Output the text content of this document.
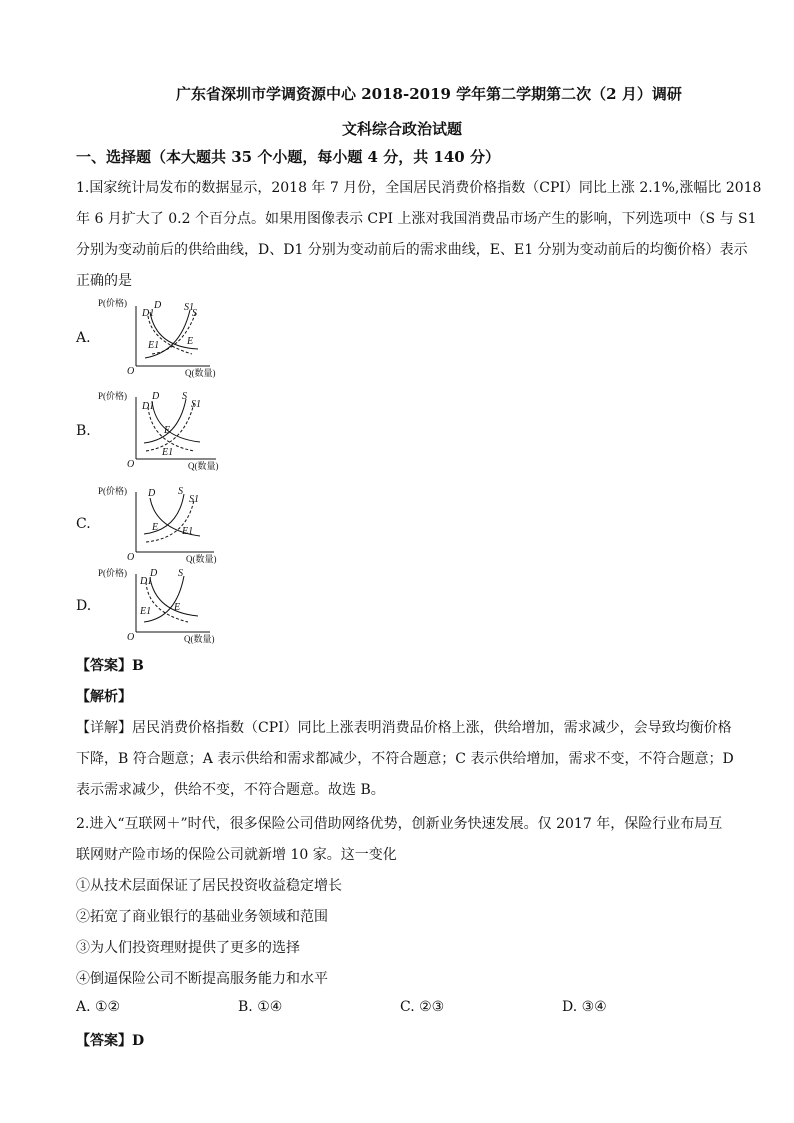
广东省深圳市学调资源中心 2018-2019 学年第二学期第二次（2 月）调研
文科综合政治试题
一、选择题（本大题共 35 个小题，每小题 4 分，共 140 分）
1.国家统计局发布的数据显示，2018 年 7 月份，全国居民消费价格指数（CPI）同比上涨 2.1%,涨幅比 2018
年 6 月扩大了 0.2 个百分点。如果用图像表示 CPI 上涨对我国消费品市场产生的影响，下列选项中（S 与 S1
分别为变动前后的供给曲线，D、D1 分别为变动前后的需求曲线，E、E1 分别为变动前后的均衡价格）表示
正确的是
A.
B.
C.
D.
P(价格)
Q(数量)
O
D
D1
S1
S
E1	E
P(价格)
Q(数量)
O
D
D1
S
S1
E
E1
P(价格)
Q(数量)
O
D S
S1
E E1
P(价格)
Q(数量)
O
D
D1
S
E1 E
【答案】B
【解析】
【详解】居民消费价格指数（CPI）同比上涨表明消费品价格上涨，供给增加，需求减少，会导致均衡价格
下降，B 符合题意；A 表示供给和需求都减少，不符合题意；C 表示供给增加，需求不变，不符合题意；D
表示需求减少，供给不变，不符合题意。故选 B。
2.进入“互联网＋”时代，很多保险公司借助网络优势，创新业务快速发展。仅 2017 年，保险行业布局互
联网财产险市场的保险公司就新增 10 家。这一变化
①从技术层面保证了居民投资收益稳定增长
②拓宽了商业银行的基础业务领域和范围
③为人们投资理财提供了更多的选择
④倒逼保险公司不断提高服务能力和水平
A. ①②	B. ①④	C. ②③	D. ③④
【答案】D
